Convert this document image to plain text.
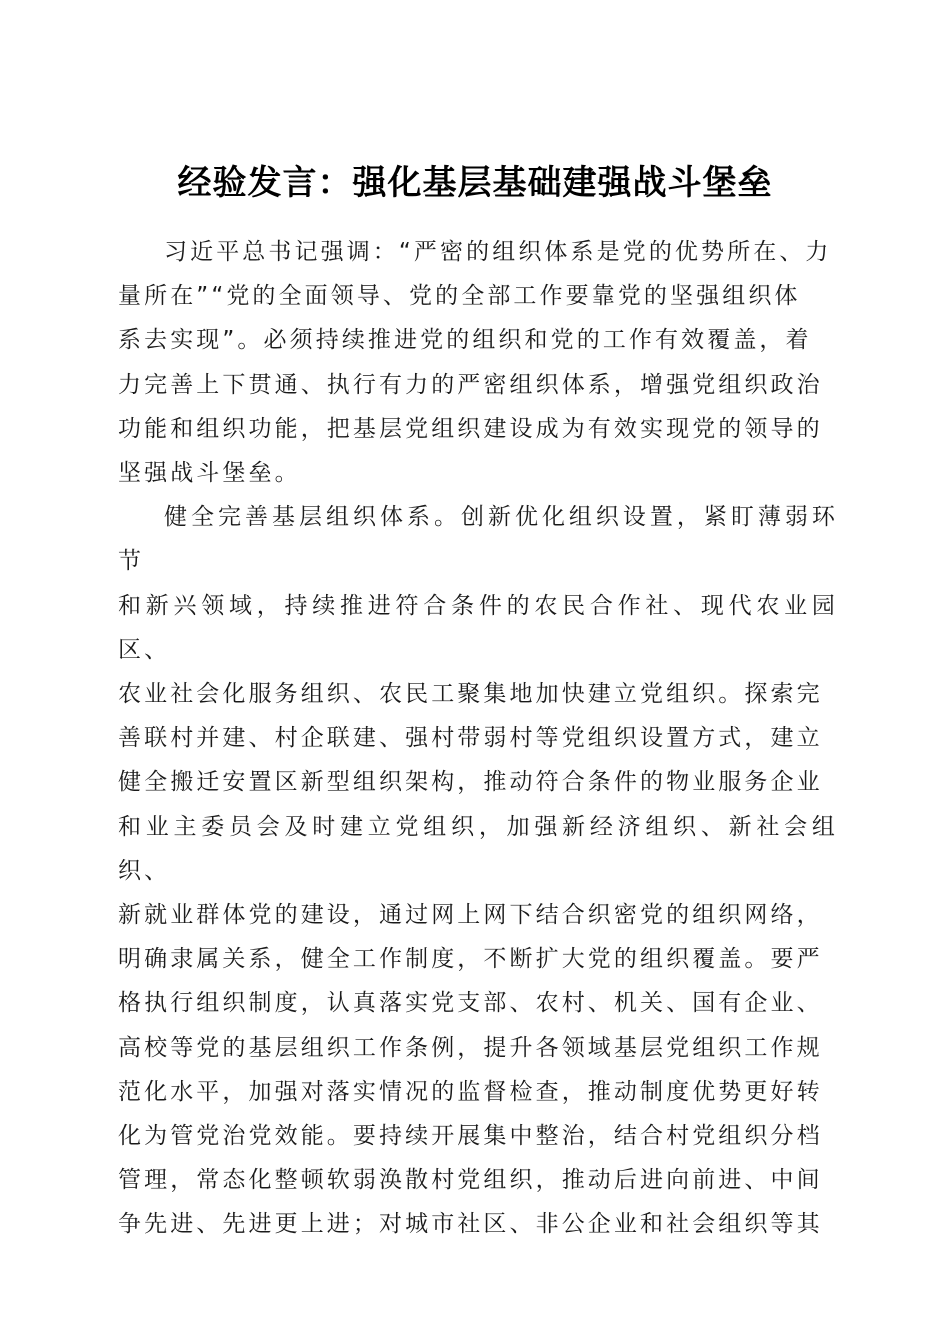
经验发言：强化基层基础建强战斗堡垒

习近平总书记强调：“严密的组织体系是党的优势所在、力
量所在”“党的全面领导、党的全部工作要靠党的坚强组织体
系去实现”。必须持续推进党的组织和党的工作有效覆盖，着
力完善上下贯通、执行有力的严密组织体系，增强党组织政治
功能和组织功能，把基层党组织建设成为有效实现党的领导的
坚强战斗堡垒。

健全完善基层组织体系。创新优化组织设置，紧盯薄弱环节
和新兴领域，持续推进符合条件的农民合作社、现代农业园区、
农业社会化服务组织、农民工聚集地加快建立党组织。探索完
善联村并建、村企联建、强村带弱村等党组织设置方式，建立
健全搬迁安置区新型组织架构，推动符合条件的物业服务企业
和业主委员会及时建立党组织，加强新经济组织、新社会组织、
新就业群体党的建设，通过网上网下结合织密党的组织网络，
明确隶属关系，健全工作制度，不断扩大党的组织覆盖。要严
格执行组织制度，认真落实党支部、农村、机关、国有企业、
高校等党的基层组织工作条例，提升各领域基层党组织工作规
范化水平，加强对落实情况的监督检查，推动制度优势更好转
化为管党治党效能。要持续开展集中整治，结合村党组织分档
管理，常态化整顿软弱涣散村党组织，推动后进向前进、中间
争先进、先进更上进；对城市社区、非公企业和社会组织等其
